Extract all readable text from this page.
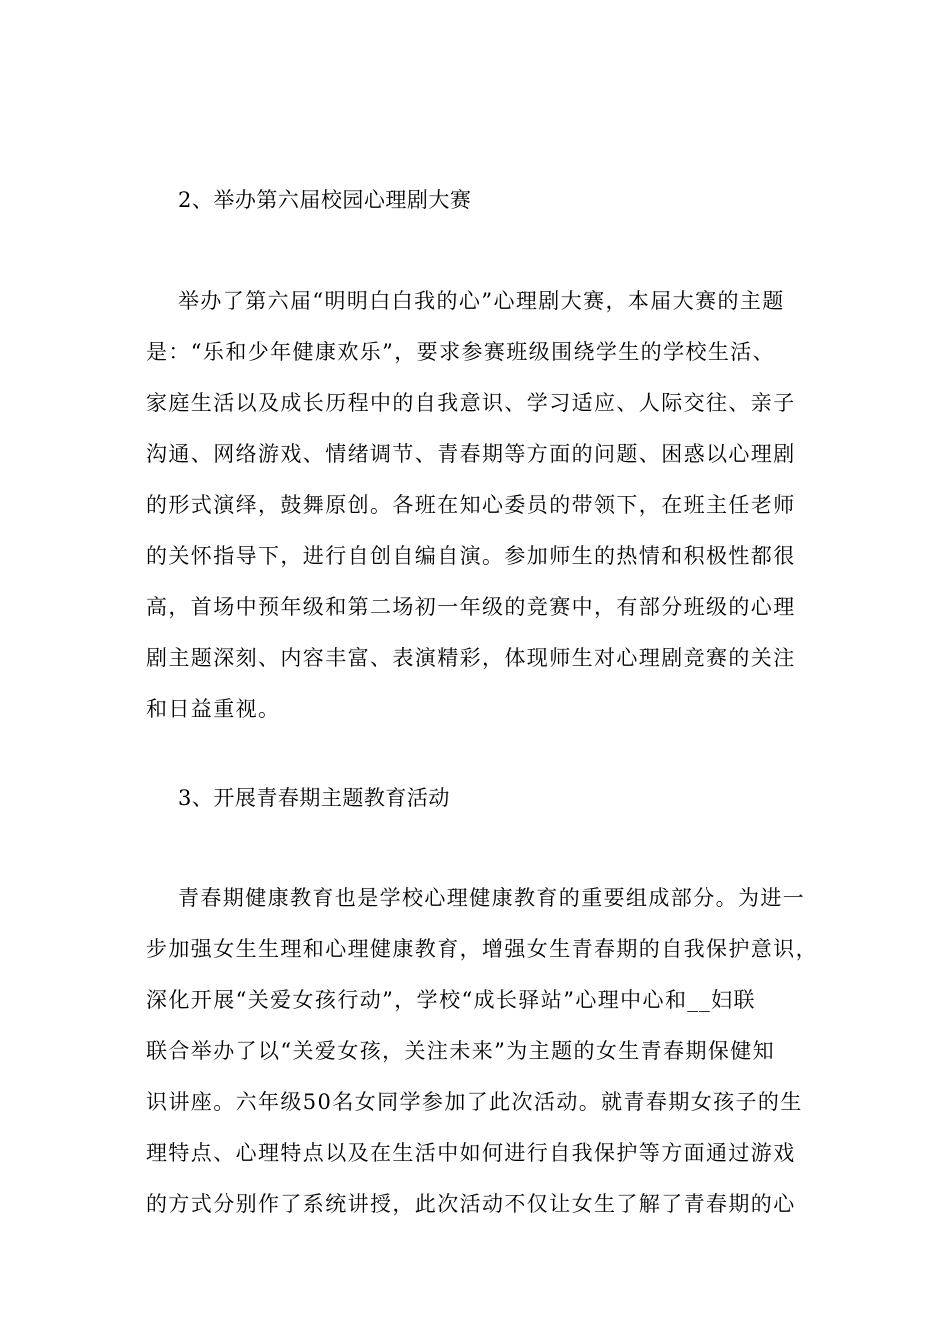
2、举办第六届校园心理剧大赛
举办了第六届“明明白白我的心”心理剧大赛，本届大赛的主题
是：“乐和少年健康欢乐”，要求参赛班级围绕学生的学校生活、
家庭生活以及成长历程中的自我意识、学习适应、人际交往、亲子
沟通、网络游戏、情绪调节、青春期等方面的问题、困惑以心理剧
的形式演绎，鼓舞原创。各班在知心委员的带领下，在班主任老师
的关怀指导下，进行自创自编自演。参加师生的热情和积极性都很
高，首场中预年级和第二场初一年级的竞赛中，有部分班级的心理
剧主题深刻、内容丰富、表演精彩，体现师生对心理剧竞赛的关注
和日益重视。
3、开展青春期主题教育活动
青春期健康教育也是学校心理健康教育的重要组成部分。为进一
步加强女生生理和心理健康教育，增强女生青春期的自我保护意识，
深化开展“关爱女孩行动”，学校“成长驿站”心理中心和__妇联
联合举办了以“关爱女孩，关注未来”为主题的女生青春期保健知
识讲座。六年级50名女同学参加了此次活动。就青春期女孩子的生
理特点、心理特点以及在生活中如何进行自我保护等方面通过游戏
的方式分别作了系统讲授，此次活动不仅让女生了解了青春期的心
